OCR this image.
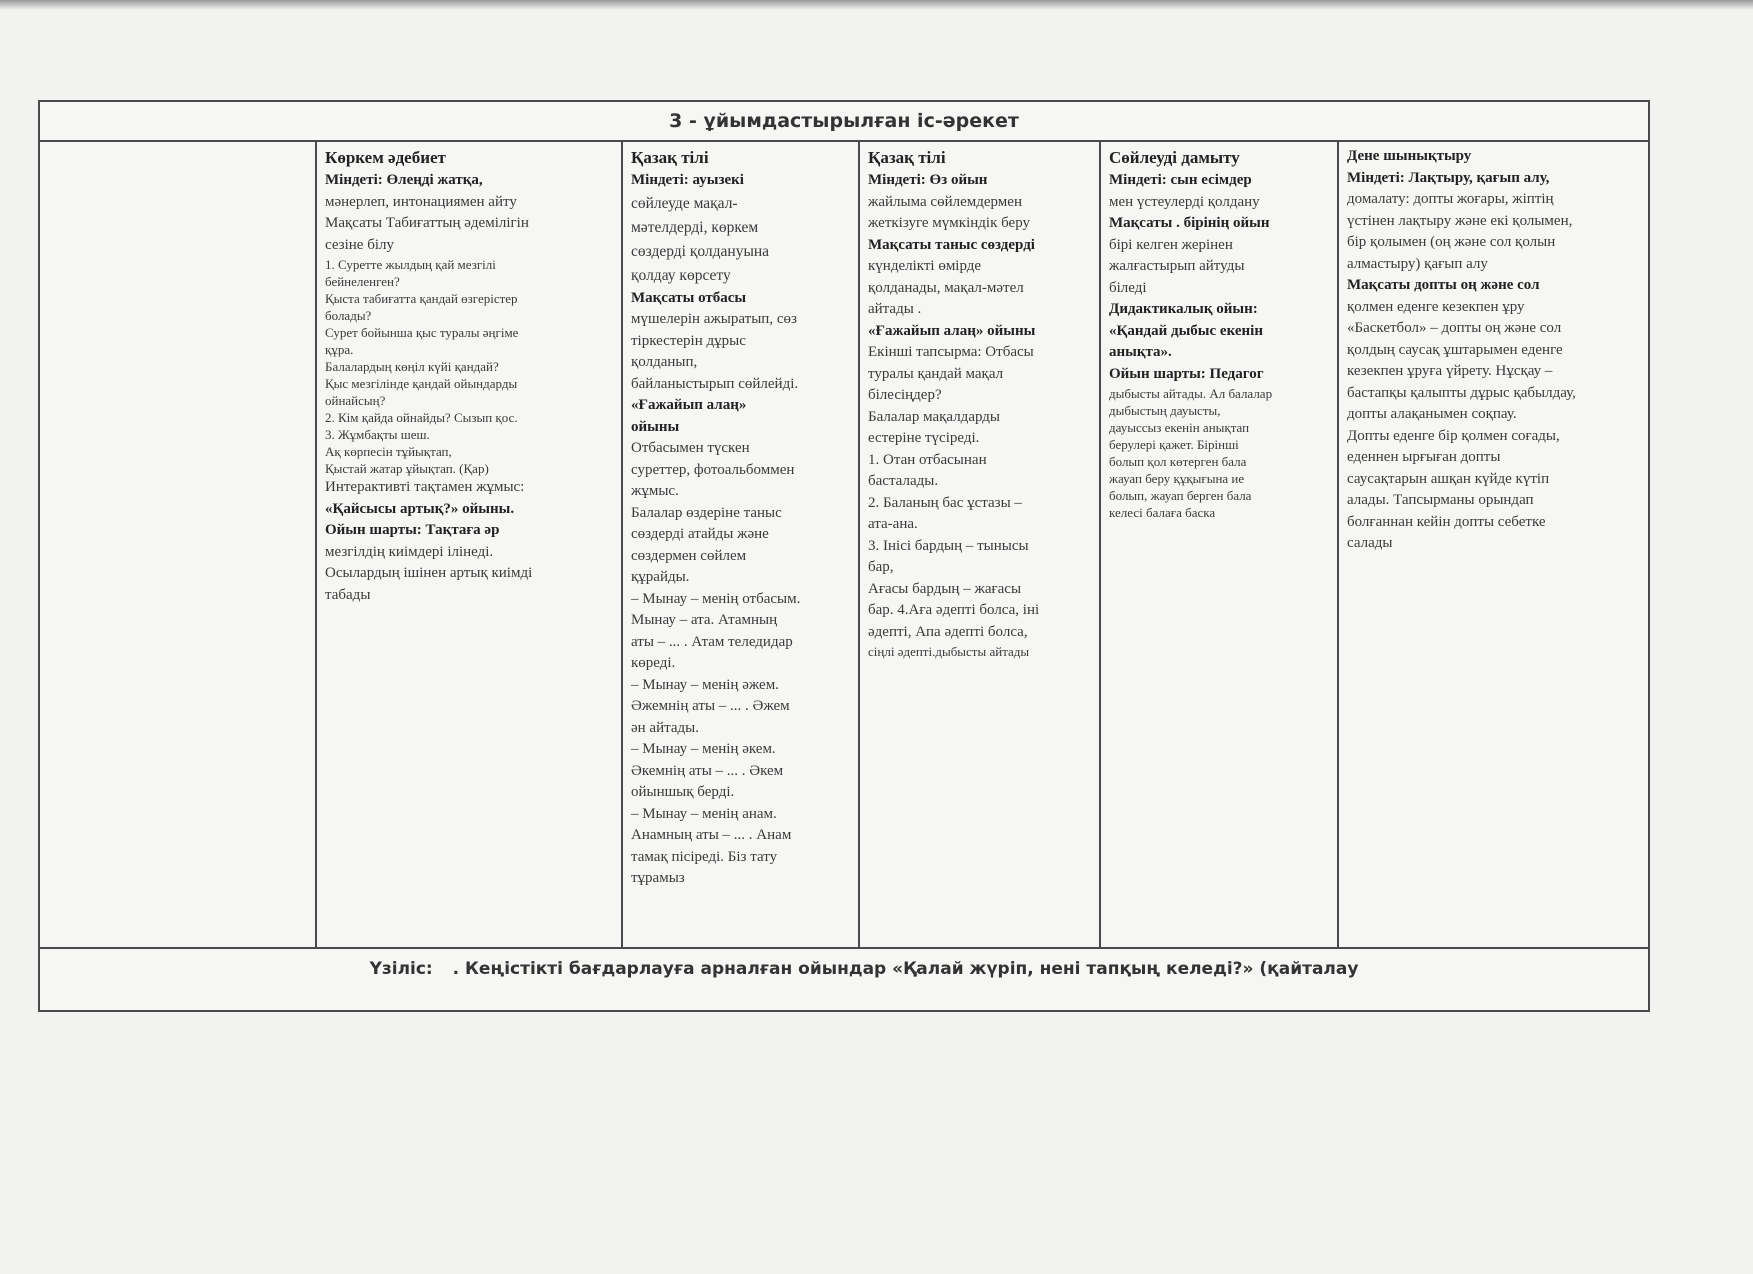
3 - ұйымдастырылған іс-әрекет
Көркем әдебиет
Міндеті: Өлеңді жатқа,
мәнерлеп, интонациямен айту
Мақсаты Табиғаттың әдемілігін
сезіне білу
1. Суретте жылдың қай мезгілі
бейнеленген?
Қыста табиғатта қандай өзгерістер
болады?
Сурет бойынша қыс туралы әңгіме
құра.
Балалардың көңіл күйі қандай?
Қыс мезгілінде қандай ойындарды
ойнайсың?
2. Кім қайда ойнайды? Сызып қос.
3. Жұмбақты шеш.
Ақ көрпесін тұйықтап,
Қыстай жатар ұйықтап. (Қар)
Интерактивті тақтамен жұмыс:
«Қайсысы артық?» ойыны.
Ойын шарты: Тақтаға әр
мезгілдің киімдері ілінеді.
Осылардың ішінен артық киімді
табады
Қазақ тілі
Міндеті: ауызекі
сөйлеуде мақал-
мәтелдерді, көркем
сөздерді қолдануына
қолдау көрсету
Мақсаты отбасы
мүшелерін ажыратып, сөз
тіркестерін дұрыс
қолданып,
байланыстырып сөйлейді.
«Ғажайып алаң»
ойыны
Отбасымен түскен
суреттер, фотоальбоммен
жұмыс.
Балалар өздеріне таныс
сөздерді атайды және
сөздермен сөйлем
құрайды.
– Мынау – менің отбасым.
Мынау – ата. Атамның
аты – ... . Атам теледидар
көреді.
– Мынау – менің әжем.
Әжемнің аты – ... . Әжем
ән айтады.
– Мынау – менің әкем.
Әкемнің аты – ... . Әкем
ойыншық берді.
– Мынау – менің анам.
Анамның аты – ... . Анам
тамақ пісіреді. Біз тату
тұрамыз
Қазақ тілі
Міндеті: Өз ойын
жайлыма сөйлемдермен
жеткізуге мүмкіндік беру
Мақсаты таныс сөздерді
күнделікті өмірде
қолданады, мақал-мәтел
айтады .
«Ғажайып алаң» ойыны
Екінші тапсырма: Отбасы
туралы қандай мақал
білесіңдер?
Балалар мақалдарды
естеріне түсіреді.
1. Отан отбасынан
басталады.
2. Баланың бас ұстазы –
ата-ана.
3. Інісі бардың – тынысы
бар,
Ағасы бардың – жағасы
бар. 4.Аға әдепті болса, іні
әдепті, Апа әдепті болса,
сіңлі әдепті.дыбысты айтады
Сөйлеуді дамыту
Міндеті: сын есімдер
мен үстеулерді қолдану
Мақсаты . бірінің ойын
бірі келген жерінен
жалғастырып айтуды
біледі
Дидактикалық ойын:
«Қандай дыбыс екенін
анықта».
Ойын шарты: Педагог
дыбысты айтады. Ал балалар
дыбыстың дауысты,
дауыссыз екенін анықтап
берулері қажет. Бірінші
болып қол көтерген бала
жауап беру құқығына ие
болып, жауап берген бала
келесі балаға баска
Дене шынықтыру
Міндеті: Лақтыру, қағып алу,
домалату: допты жоғары, жіптің
үстінен лақтыру және екі қолымен,
бір қолымен (оң және сол қолын
алмастыру) қағып алу
Мақсаты допты оң және сол
қолмен еденге кезекпен ұру
«Баскетбол» – допты оң және сол
қолдың саусақ ұштарымен еденге
кезекпен ұруға үйрету. Нұсқау –
бастапқы қалыпты дұрыс қабылдау,
допты алақанымен соқпау.
Допты еденге бір қолмен соғады,
еденнен ырғыған допты
саусақтарын ашқан күйде күтіп
алады. Тапсырманы орындап
болғаннан кейін допты себетке
салады
Үзіліс: . Кеңістікті бағдарлауға арналған ойындар «Қалай жүріп, нені тапқың келеді?» (қайталау
